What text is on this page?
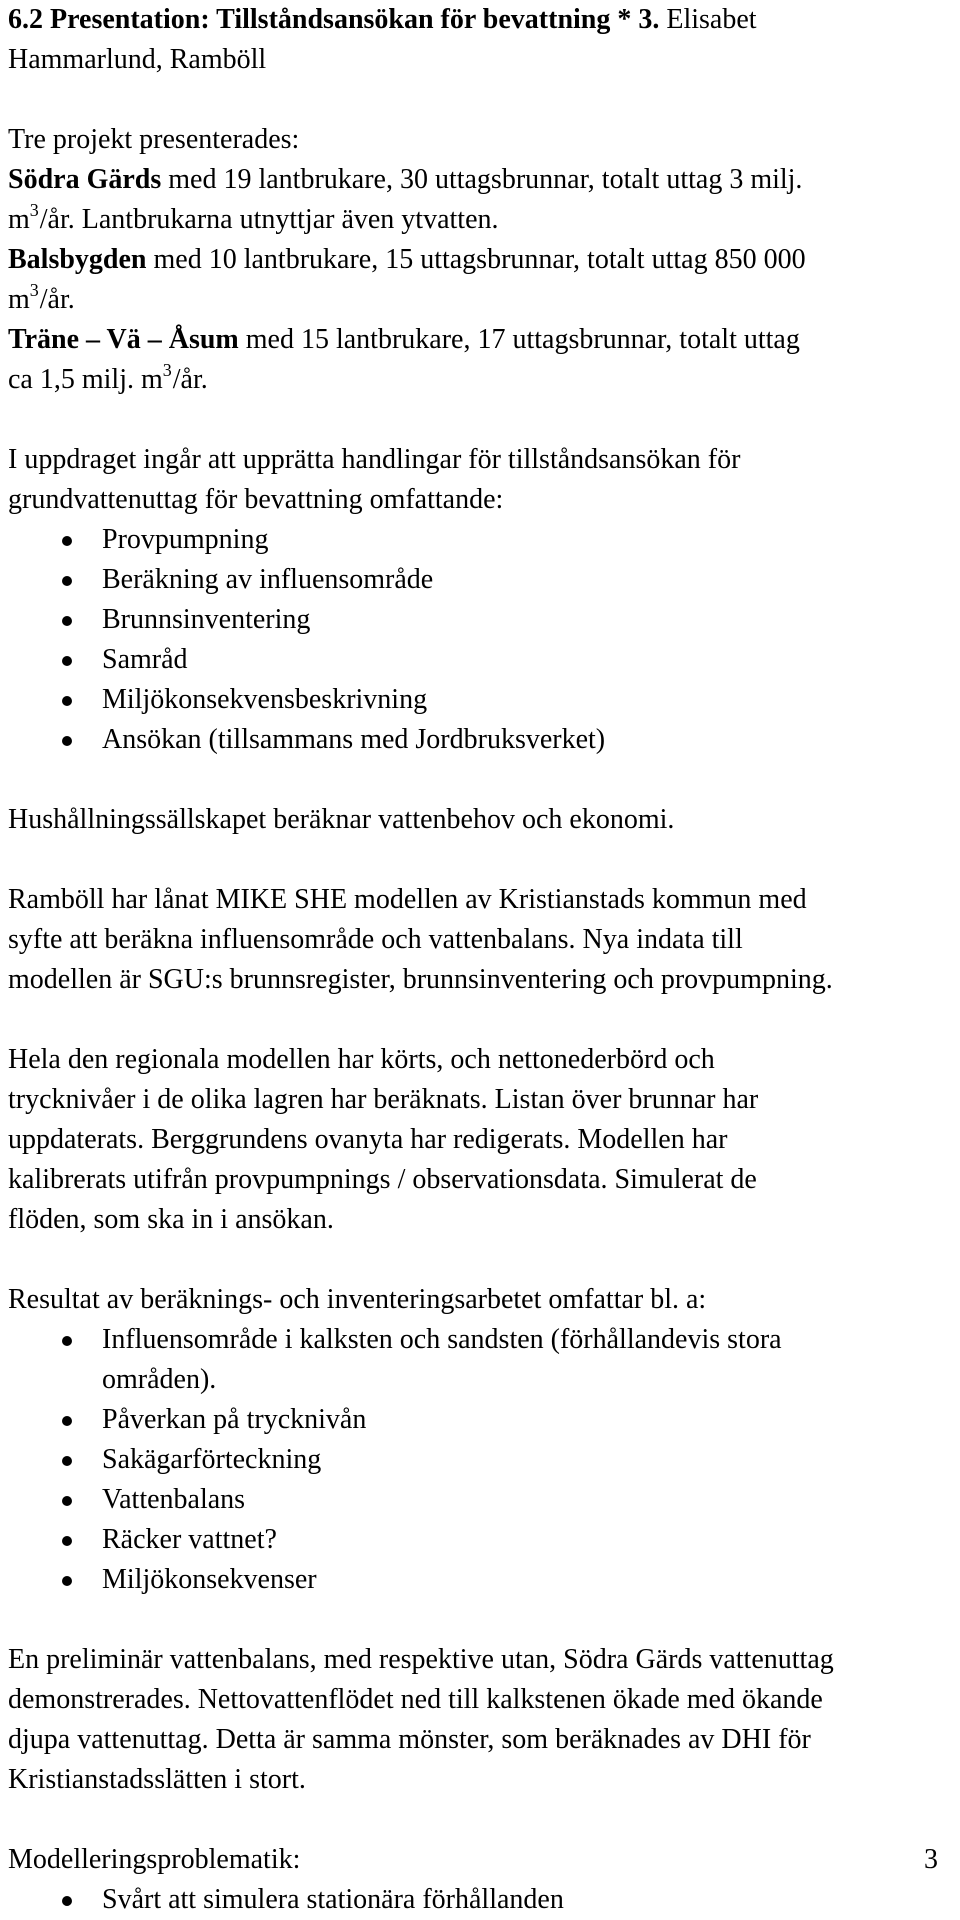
6.2 Presentation: Tillståndsansökan för bevattning * 3. Elisabet

Hammarlund, Ramböll

Tre projekt presenterades:

Södra Gärds med 19 lantbrukare, 30 uttagsbrunnar, totalt uttag 3 milj.

$m^3/år$. Lantbrukarna utnyttjar även ytvatten.

Balsbygden med 10 lantbrukare, 15 uttagsbrunnar, totalt uttag 850 000

$m^3/år$.

Träne – Vä – Åsum med 15 lantbrukare, 17 uttagsbrunnar, totalt uttag

ca 1,5 milj. $m^3/år$.

I uppdraget ingår att upprätta handlingar för tillståndsansökan för

grundvattenuttag för bevattning omfattande:

Provpumpning
Beräkning av influensområde
Brunnsinventering
Samråd
Miljökonsekvensbeskrivning
Ansökan (tillsammans med Jordbruksverket)

Hushållningssällskapet beräknar vattenbehov och ekonomi.

Ramböll har lånat MIKE SHE modellen av Kristianstads kommun med

syfte att beräkna influensområde och vattenbalans. Nya indata till

modellen är SGU:s brunnsregister, brunnsinventering och provpumpning.

Hela den regionala modellen har körts, och nettonederbörd och

trycknivåer i de olika lagren har beräknats. Listan över brunnar har

uppdaterats. Berggrundens ovanyta har redigerats. Modellen har

kalibrerats utifrån provpumpnings / observationsdata. Simulerat de

flöden, som ska in i ansökan.

Resultat av beräknings- och inventeringsarbetet omfattar bl. a:

Influensområde i kalksten och sandsten (förhållandevis stora
områden).
Påverkan på trycknivån
Sakägarförteckning
Vattenbalans
Räcker vattnet?
Miljökonsekvenser

En preliminär vattenbalans, med respektive utan, Södra Gärds vattenuttag

demonstrerades. Nettovattenflödet ned till kalkstenen ökade med ökande

djupa vattenuttag. Detta är samma mönster, som beräknades av DHI för

Kristianstadsslätten i stort.

Modelleringsproblematik:

Svårt att simulera stationära förhållanden
3
